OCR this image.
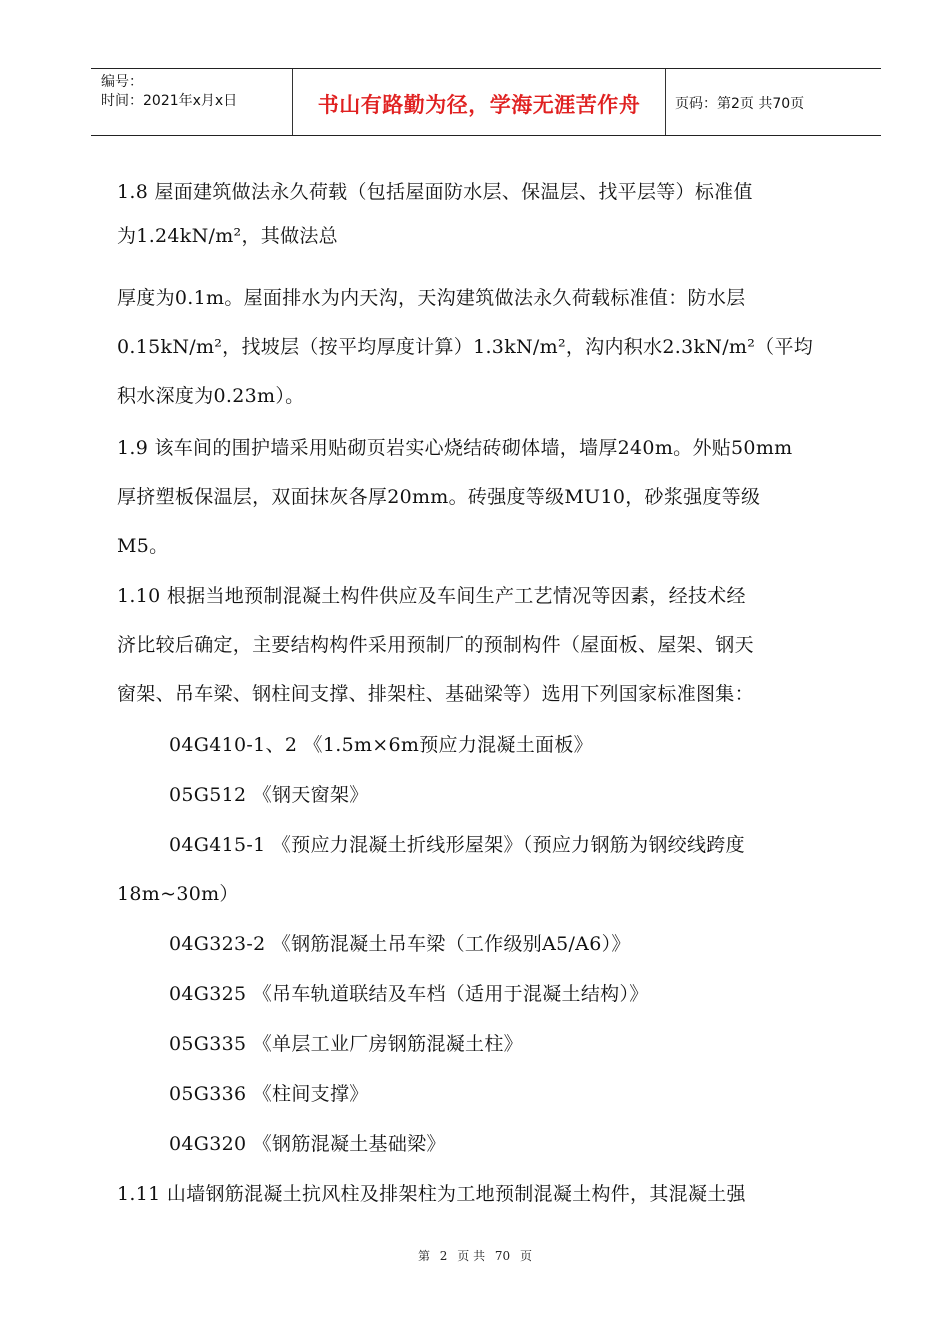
编号：
时间：2021年x月x日	书山有路勤为径，学海无涯苦作舟	页码：第2页 共70页
1.8 屋面建筑做法永久荷载（包括屋面防水层、保温层、找平层等）标准值
为1.24kN/m²，其做法总
厚度为0.1m。屋面排水为内天沟，天沟建筑做法永久荷载标准值：防水层
0.15kN/m²，找坡层（按平均厚度计算）1.3kN/m²，沟内积水2.3kN/m²（平均
积水深度为0.23m）。
1.9 该车间的围护墙采用贴砌页岩实心烧结砖砌体墙，墙厚240m。外贴50mm
厚挤塑板保温层，双面抹灰各厚20mm。砖强度等级MU10，砂浆强度等级
M5。
1.10 根据当地预制混凝土构件供应及车间生产工艺情况等因素，经技术经
济比较后确定，主要结构构件采用预制厂的预制构件（屋面板、屋架、钢天
窗架、吊车梁、钢柱间支撑、排架柱、基础梁等）选用下列国家标准图集：
04G410-1、2 《1.5m×6m预应力混凝土面板》
05G512 《钢天窗架》
04G415-1 《预应力混凝土折线形屋架》（预应力钢筋为钢绞线跨度
18m~30m）
04G323-2 《钢筋混凝土吊车梁（工作级别A5/A6）》
04G325 《吊车轨道联结及车档（适用于混凝土结构）》
05G335 《单层工业厂房钢筋混凝土柱》
05G336 《柱间支撑》
04G320 《钢筋混凝土基础梁》
1.11 山墙钢筋混凝土抗风柱及排架柱为工地预制混凝土构件，其混凝土强
第 2 页 共 70 页
